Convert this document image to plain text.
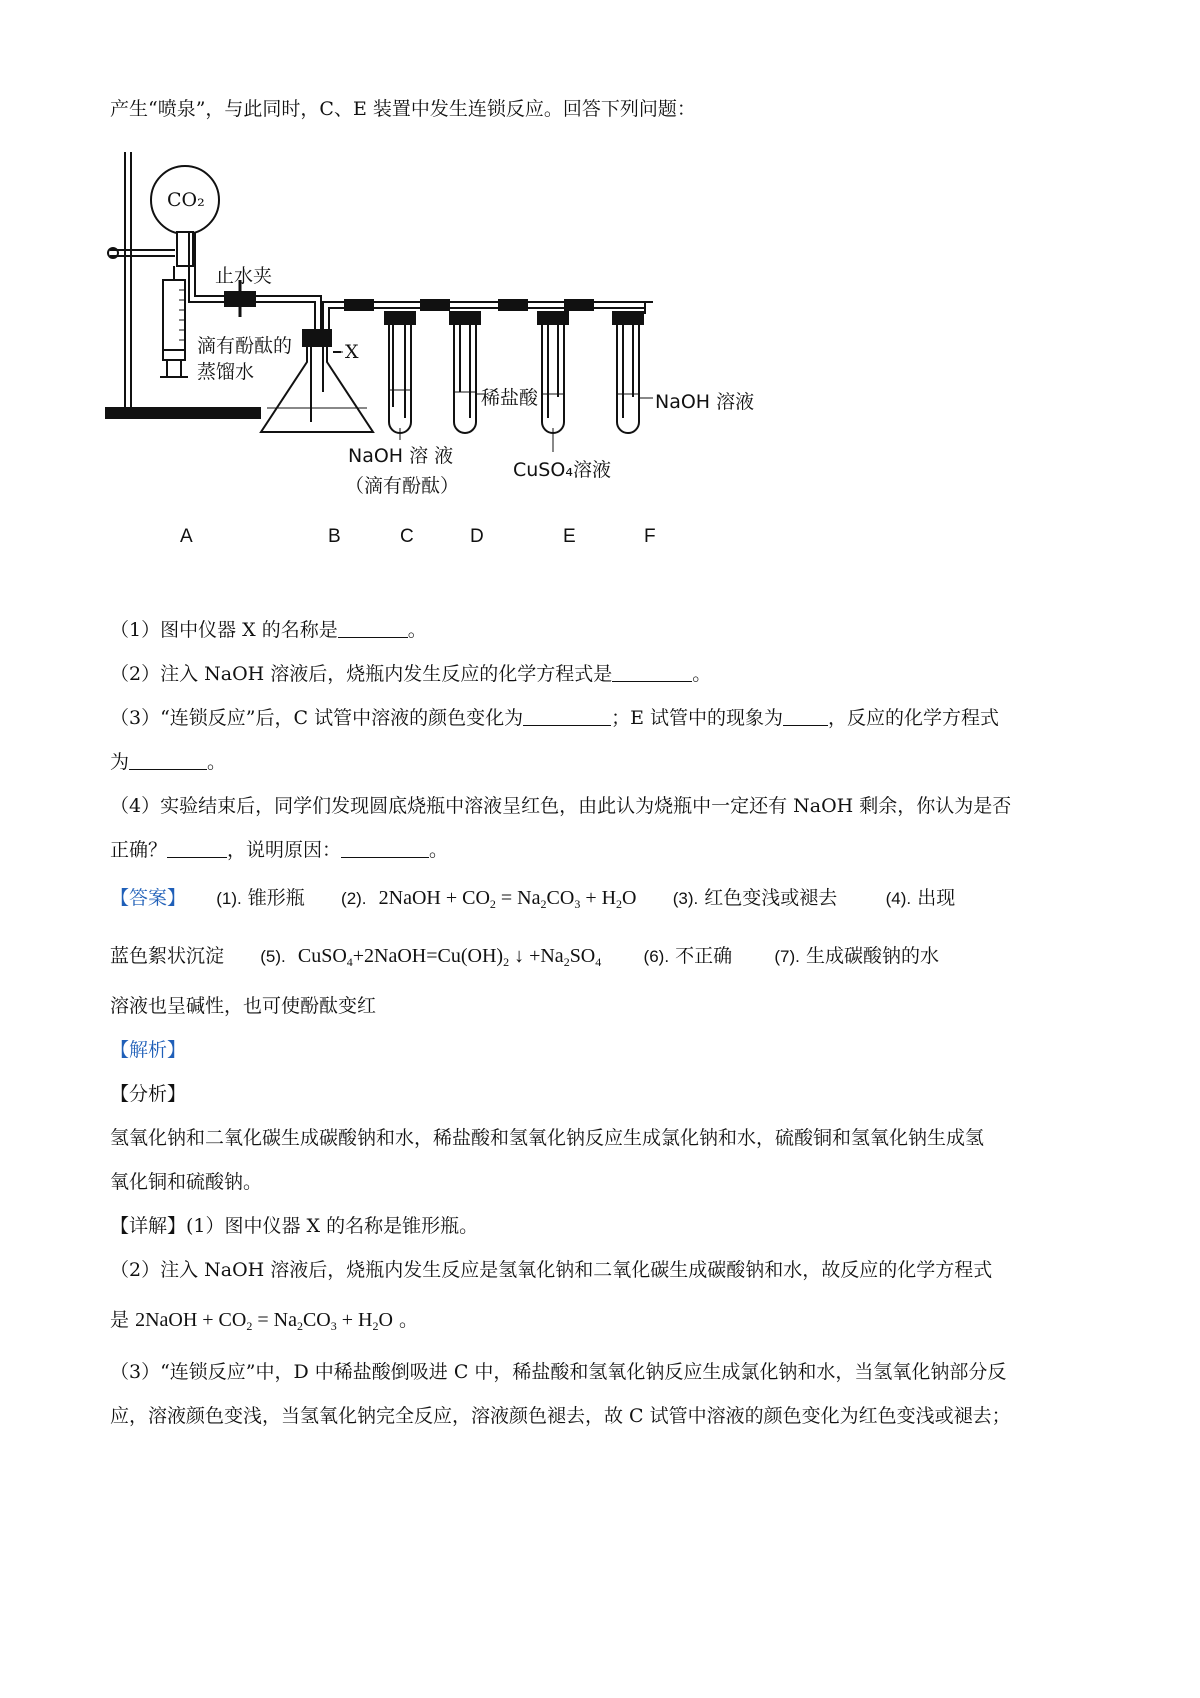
产生“喷泉”，与此同时，C、E 装置中发生连锁反应。回答下列问题：
CO₂
止水夹
滴有酚酞的
蒸馏水
X
稀盐酸	NaOH 溶液
NaOH 溶 液
（滴有酚酞）
CuSO₄溶液
A	B	C	D	E	F
（1）图中仪器 X 的名称是	。
（2）注入 NaOH 溶液后，烧瓶内发生反应的化学方程式是	。
（3）“连锁反应”后，C 试管中溶液的颜色变化为	；E 试管中的现象为 ，反应的化学方程式
为	。
（4）实验结束后，同学们发现圆底烧瓶中溶液呈红色，由此认为烧瓶中一定还有 NaOH 剩余，你认为是否
正确？	，说明原因：	。
【答案】 (1). 锥形瓶 (2). 2NaOH + $CO_2 = Na_2CO_3 + H_2O$ (3). 红色变浅或褪去	(4). 出现
蓝色絮状沉淀 (5). $CuSO_4+2NaOH=Cu(OH)_2$ ↓ $+Na_2SO_4$ (6). 不正确 (7). 生成碳酸钠的水
溶液也呈碱性，也可使酚酞变红
【解析】
【分析】
氢氧化钠和二氧化碳生成碳酸钠和水，稀盐酸和氢氧化钠反应生成氯化钠和水，硫酸铜和氢氧化钠生成氢
氧化铜和硫酸钠。
【详解】(1）图中仪器 X 的名称是锥形瓶。
（2）注入 NaOH 溶液后，烧瓶内发生反应是氢氧化钠和二氧化碳生成碳酸钠和水，故反应的化学方程式
是 2NaOH + $CO_2 = Na_2CO_3 + H_2O$ 。
（3）“连锁反应”中，D 中稀盐酸倒吸进 C 中，稀盐酸和氢氧化钠反应生成氯化钠和水，当氢氧化钠部分反
应，溶液颜色变浅，当氢氧化钠完全反应，溶液颜色褪去，故 C 试管中溶液的颜色变化为红色变浅或褪去；
